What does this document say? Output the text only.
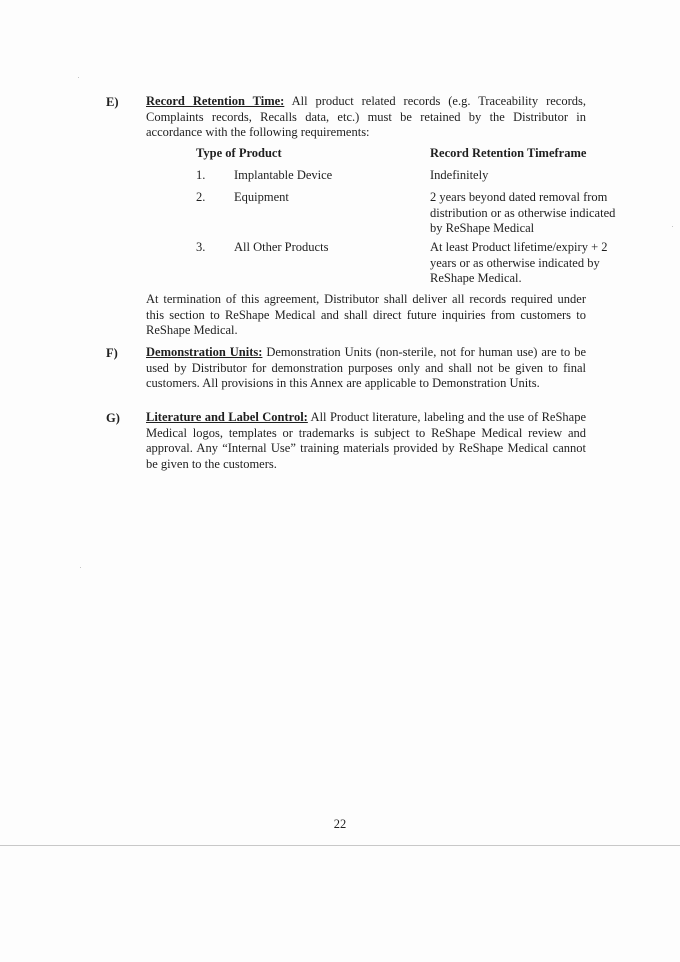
E) Record Retention Time: All product related records (e.g. Traceability records, Complaints records, Recalls data, etc.) must be retained by the Distributor in accordance with the following requirements:
Type of Product	Record Retention Timeframe
1. Implantable Device	Indefinitely
2. Equipment	2 years beyond dated removal from distribution or as otherwise indicated by ReShape Medical
3. All Other Products	At least Product lifetime/expiry + 2 years or as otherwise indicated by ReShape Medical.
At termination of this agreement, Distributor shall deliver all records required under this section to ReShape Medical and shall direct future inquiries from customers to ReShape Medical.
F) Demonstration Units: Demonstration Units (non-sterile, not for human use) are to be used by Distributor for demonstration purposes only and shall not be given to final customers. All provisions in this Annex are applicable to Demonstration Units.
G) Literature and Label Control: All Product literature, labeling and the use of ReShape Medical logos, templates or trademarks is subject to ReShape Medical review and approval. Any “Internal Use” training materials provided by ReShape Medical cannot be given to the customers.
22
